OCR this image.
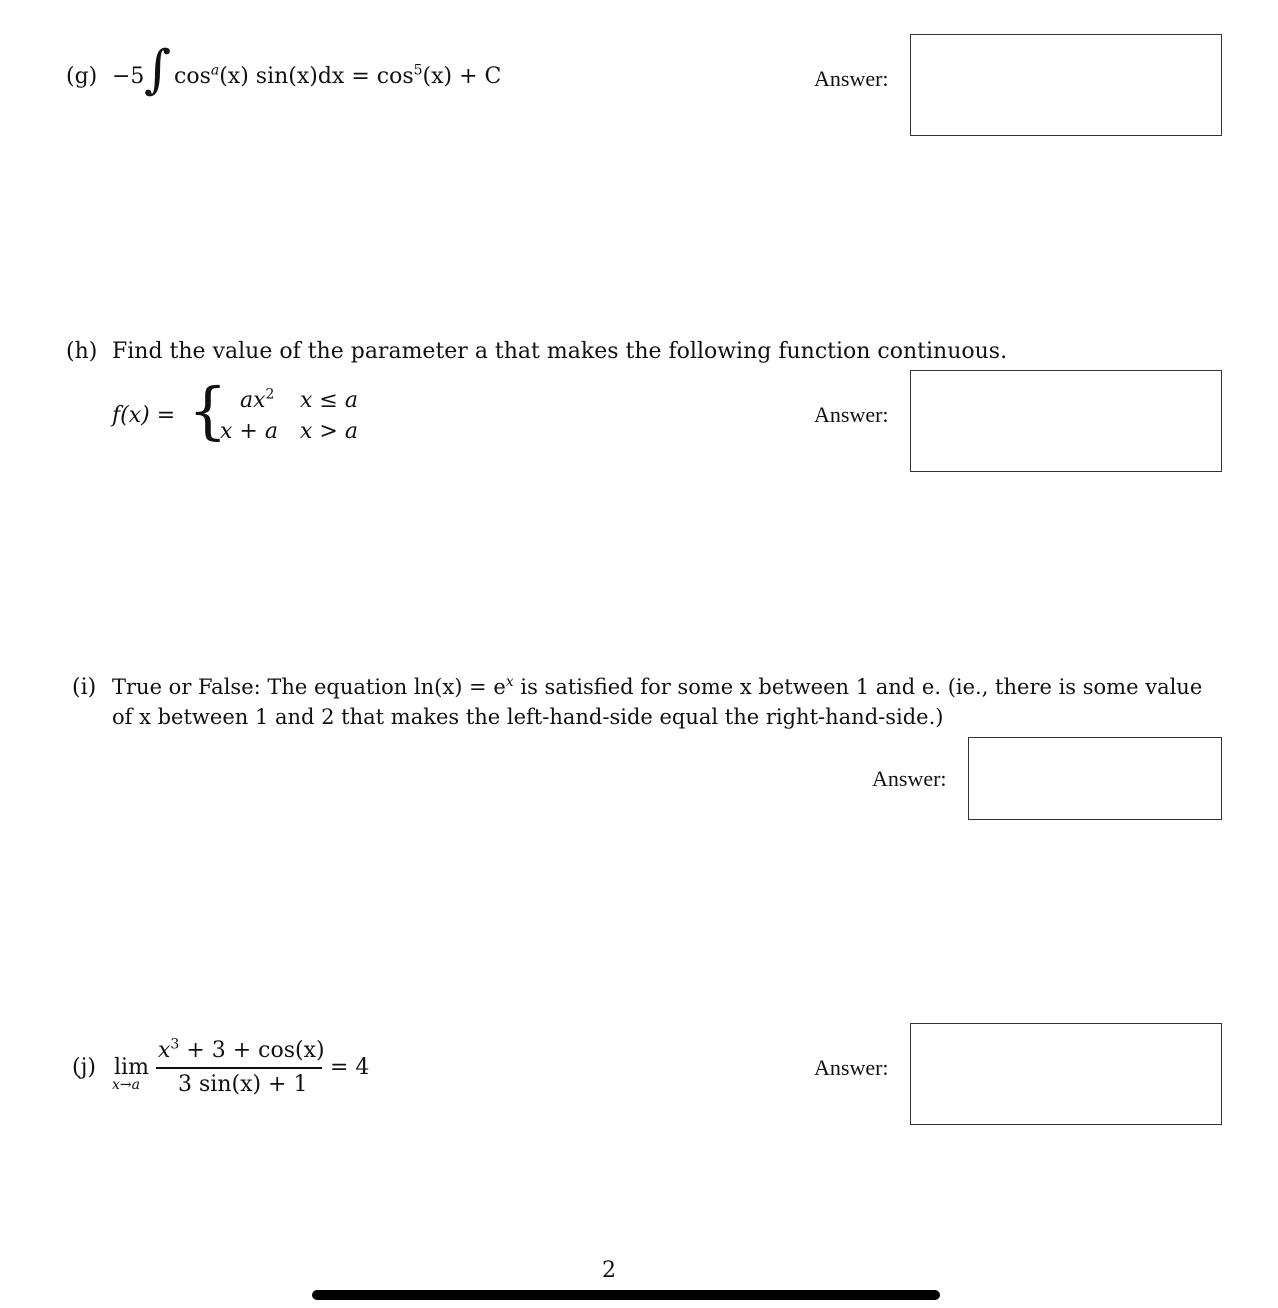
(g) −5 ∫ $\cos^a(x) \sin(x)dx = \cos^5(x) + C$	Answer:
(h) Find the value of the parameter a that makes the following function continuous.
f(x) = { $ax^2$ x ≤ a
x + a x > a
Answer:
(i) True or False: The equation $\ln(x) = e^x$ is satisfied for some x between 1 and e. (ie., there is some value
of x between 1 and 2 that makes the left-hand-side equal the right-hand-side.)
Answer:
(j) lim
x→a
$x^3 + 3 + \cos(x)$
3 sin(x) + 1
= 4	Answer:
2
